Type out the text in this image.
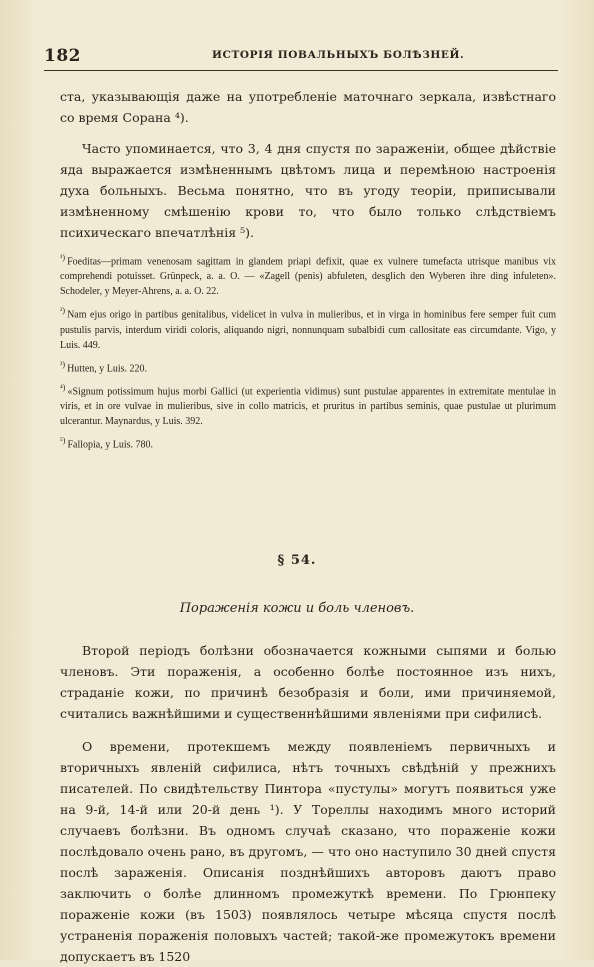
182	ИСТОРІЯ ПОВАЛЬНЫХЪ БОЛѢЗНЕЙ.

ста, указывающія даже на употребленіе маточнаго зеркала, извѣстнаго со время Сорана ⁴).

Часто упоминается, что 3, 4 дня спустя по зараженіи, общее дѣйствіе яда выражается измѣненнымъ цвѣтомъ лица и перемѣною настроенія духа больныхъ. Весьма понятно, что въ угоду теоріи, приписывали измѣненному смѣшенію крови то, что было только слѣдствіемъ психическаго впечатлѣнія ⁵).

$^{^1)}$ Foeditas—primam venenosam sagittam in glandem priapi defixit, quae ex vulnere tumefacta utrisque manibus vix comprehendi potuisset. Grünpeck, a. a. O. — «Zagell (penis) abfuleten, desglich den Wyberen ihre ding infuleten». Schodeler, y Meyer-Ahrens, a. a. O. 22.

$^{^2)}$ Nam ejus origo in partibus genitalibus, videlicet in vulva in mulieribus, et in virga in hominibus fere semper fuit cum pustulis parvis, interdum viridi coloris, aliquando nigri, nonnunquam subalbidi cum callositate eas circumdante. Vigo, y Luis. 449.

$^{^3)}$ Hutten, y Luis. 220.

$^{^4)}$ «Signum potissimum hujus morbi Gallici (ut experientia vidimus) sunt pustulae apparentes in extremitate mentulae in viris, et in ore vulvae in mulieribus, sive in collo matricis, et pruritus in partibus seminis, quae pustulae ut plurimum ulcerantur. Maynardus, y Luis. 392.

$^{^5)}$ Fallopia, y Luis. 780.

§ 54.
Пораженія кожи и боль членовъ.

Второй періодъ болѣзни обозначается кожными сыпями и болью членовъ. Эти пораженія, а особенно болѣе постоянное изъ нихъ, страданіе кожи, по причинѣ безобразія и боли, ими причиняемой, считались важнѣйшими и существеннѣйшими явленіями при сифилисѣ.

О времени, протекшемъ между появленіемъ первичныхъ и вторичныхъ явленій сифилиса, нѣтъ точныхъ свѣдѣній у прежнихъ писателей. По свидѣтельству Пинтора «пустулы» могутъ появиться уже на 9-й, 14-й или 20-й день ¹). У Тореллы находимъ много историй случаевъ болѣзни. Въ одномъ случаѣ сказано, что пораженіе кожи послѣдовало очень рано, въ другомъ, — что оно наступило 30 дней спустя послѣ зараженія. Описанія позднѣйшихъ авторовъ даютъ право заключить о болѣе длинномъ промежуткѣ времени. По Грюнпеку пораженіе кожи (въ 1503) появлялось четыре мѣсяца спустя послѣ устраненія пораженія половыхъ частей; такой-же промежутокъ времени допускаетъ въ 1520
